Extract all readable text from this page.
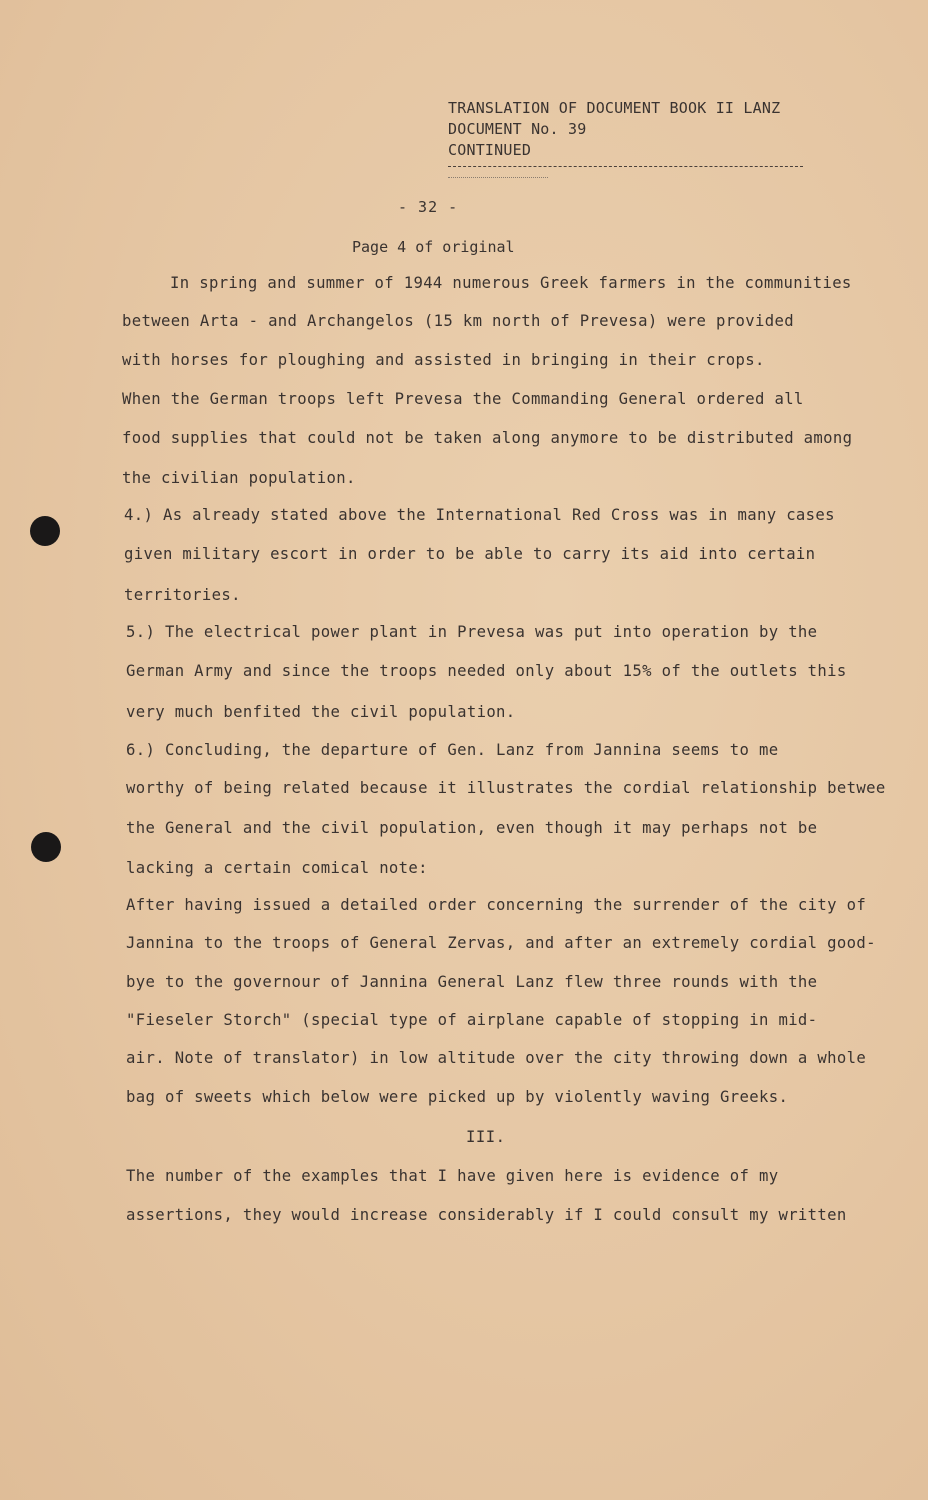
TRANSLATION OF DOCUMENT BOOK II LANZ
DOCUMENT No. 39
CONTINUED
- 32 -
Page 4 of original
In spring and summer of 1944 numerous Greek farmers in the communities
between Arta - and Archangelos (15 km north of Prevesa) were provided
with horses for ploughing and assisted in bringing in their crops.
When the German troops left Prevesa the Commanding General ordered all
food supplies that could not be taken along anymore to be distributed among
the civilian population.
4.) As already stated above the International Red Cross was in many cases
given military escort in order to be able to carry its aid into certain
territories.
5.) The electrical power plant in Prevesa was put into operation by the
German Army and since the troops needed only about 15% of the outlets this
very much benfited the civil population.
6.) Concluding, the departure of Gen. Lanz from Jannina seems to me
worthy of being related because it illustrates the cordial relationship betwee
the General and the civil population, even though it may perhaps not be
lacking a certain comical note:
After having issued a detailed order concerning the surrender of the city of
Jannina to the troops of General Zervas, and after an extremely cordial good-
bye to the governour of Jannina General Lanz flew three rounds with the
"Fieseler Storch" (special type of airplane capable of stopping in mid-
air. Note of translator) in low altitude over the city throwing down a whole
bag of sweets which below were picked up by violently waving Greeks.
III.
The number of the examples that I have given here is evidence of my
assertions, they would increase considerably if I could consult my written
